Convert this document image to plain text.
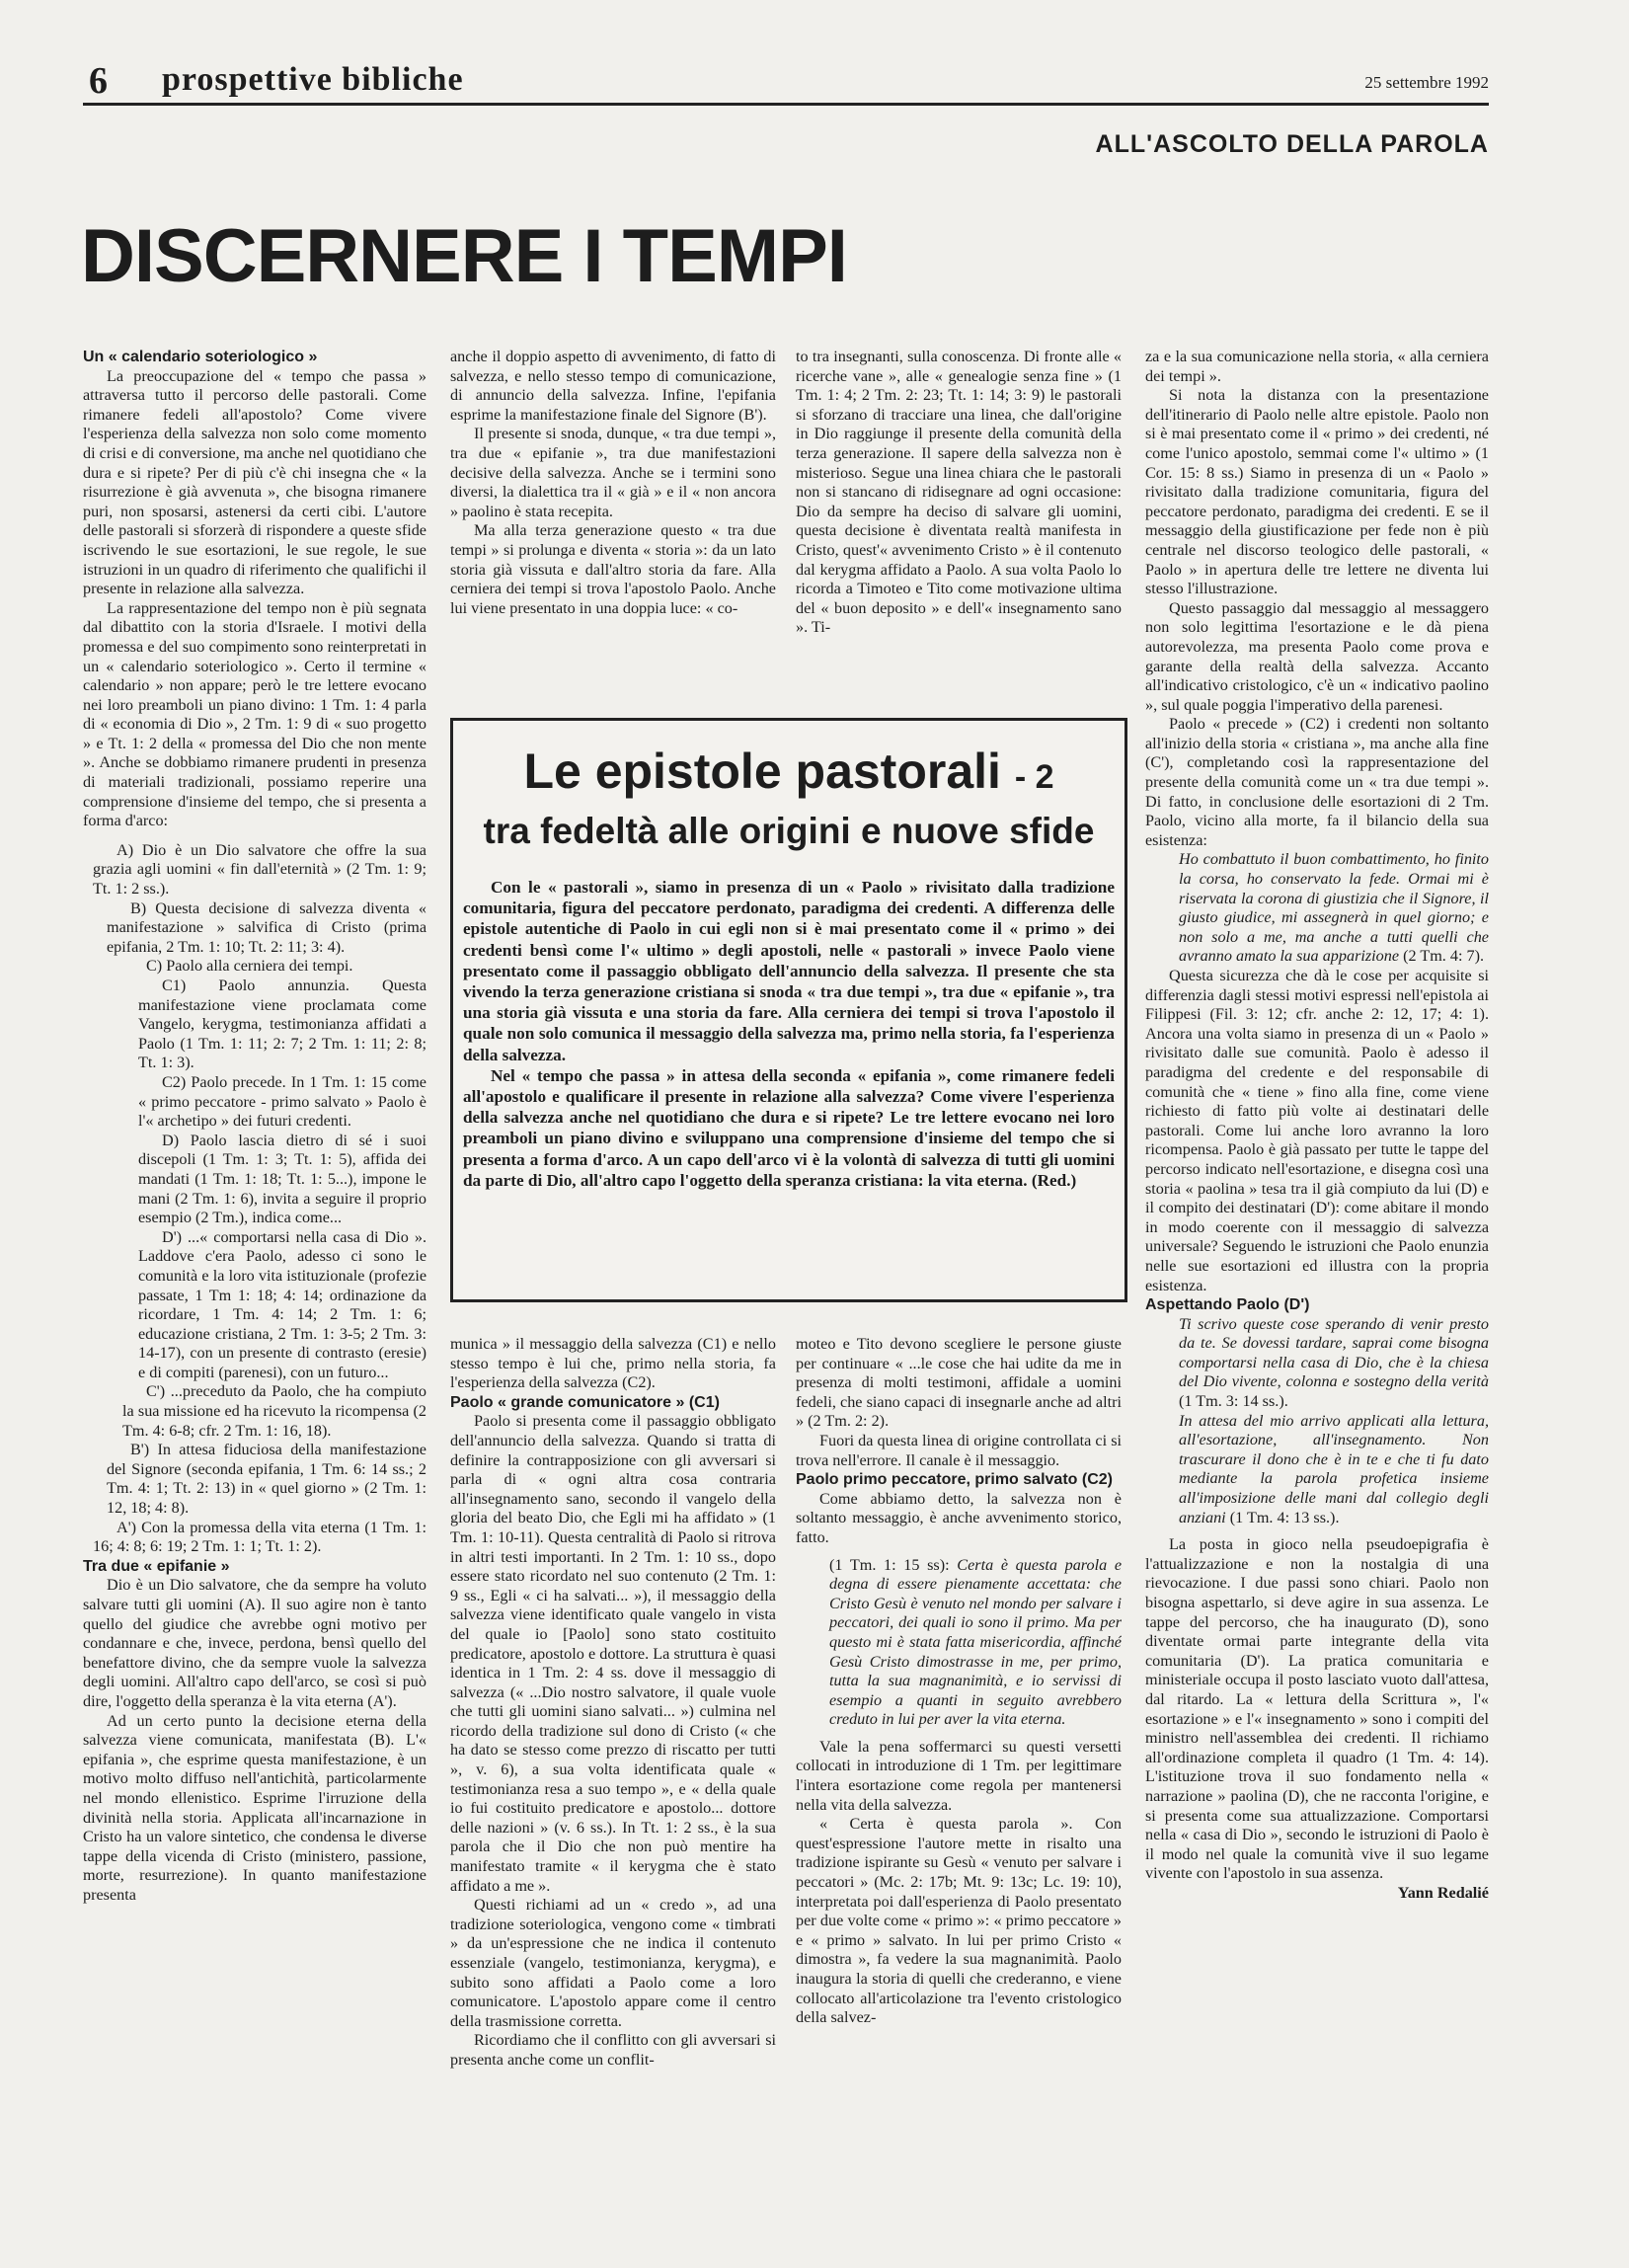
6 prospettive bibliche	25 settembre 1992
ALL'ASCOLTO DELLA PAROLA
DISCERNERE I TEMPI

Un « calendario soteriologico »

La preoccupazione del « tempo che passa » attraversa tutto il percorso delle pastorali. Come rimanere fedeli all'apostolo? Come vivere l'esperienza della salvezza non solo come momento di crisi e di conversione, ma anche nel quotidiano che dura e si ripete? Per di più c'è chi insegna che « la risurrezione è già avvenuta », che bisogna rimanere puri, non sposarsi, astenersi da certi cibi. L'autore delle pastorali si sforzerà di rispondere a queste sfide iscrivendo le sue esortazioni, le sue regole, le sue istruzioni in un quadro di riferimento che qualifichi il presente in relazione alla salvezza.

La rappresentazione del tempo non è più segnata dal dibattito con la storia d'Israele. I motivi della promessa e del suo compimento sono reinterpretati in un « calendario soteriologico ». Certo il termine « calendario » non appare; però le tre lettere evocano nei loro preamboli un piano divino: 1 Tm. 1: 4 parla di « economia di Dio », 2 Tm. 1: 9 di « suo progetto » e Tt. 1: 2 della « promessa del Dio che non mente ». Anche se dobbiamo rimanere prudenti in presenza di materiali tradizionali, possiamo reperire una comprensione d'insieme del tempo, che si presenta a forma d'arco:

A) Dio è un Dio salvatore che offre la sua grazia agli uomini « fin dall'eternità » (2 Tm. 1: 9; Tt. 1: 2 ss.).

B) Questa decisione di salvezza diventa « manifestazione » salvifica di Cristo (prima epifania, 2 Tm. 1: 10; Tt. 2: 11; 3: 4).

C) Paolo alla cerniera dei tempi.

C1) Paolo annunzia. Questa manifestazione viene proclamata come Vangelo, kerygma, testimonianza affidati a Paolo (1 Tm. 1: 11; 2: 7; 2 Tm. 1: 11; 2: 8; Tt. 1: 3).

C2) Paolo precede. In 1 Tm. 1: 15 come « primo peccatore - primo salvato » Paolo è l'« archetipo » dei futuri credenti.

D) Paolo lascia dietro di sé i suoi discepoli (1 Tm. 1: 3; Tt. 1: 5), affida dei mandati (1 Tm. 1: 18; Tt. 1: 5...), impone le mani (2 Tm. 1: 6), invita a seguire il proprio esempio (2 Tm.), indica come...

D') ...« comportarsi nella casa di Dio ». Laddove c'era Paolo, adesso ci sono le comunità e la loro vita istituzionale (profezie passate, 1 Tm 1: 18; 4: 14; ordinazione da ricordare, 1 Tm. 4: 14; 2 Tm. 1: 6; educazione cristiana, 2 Tm. 1: 3-5; 2 Tm. 3: 14-17), con un presente di contrasto (eresie) e di compiti (parenesi), con un futuro...

C') ...preceduto da Paolo, che ha compiuto la sua missione ed ha ricevuto la ricompensa (2 Tm. 4: 6-8; cfr. 2 Tm. 1: 16, 18).

B') In attesa fiduciosa della manifestazione del Signore (seconda epifania, 1 Tm. 6: 14 ss.; 2 Tm. 4: 1; Tt. 2: 13) in « quel giorno » (2 Tm. 1: 12, 18; 4: 8).

A') Con la promessa della vita eterna (1 Tm. 1: 16; 4: 8; 6: 19; 2 Tm. 1: 1; Tt. 1: 2).

Tra due « epifanie »

Dio è un Dio salvatore, che da sempre ha voluto salvare tutti gli uomini (A). Il suo agire non è tanto quello del giudice che avrebbe ogni motivo per condannare e che, invece, perdona, bensì quello del benefattore divino, che da sempre vuole la salvezza degli uomini. All'altro capo dell'arco, se così si può dire, l'oggetto della speranza è la vita eterna (A').

Ad un certo punto la decisione eterna della salvezza viene comunicata, manifestata (B). L'« epifania », che esprime questa manifestazione, è un motivo molto diffuso nell'antichità, particolarmente nel mondo ellenistico. Esprime l'irruzione della divinità nella storia. Applicata all'incarnazione in Cristo ha un valore sintetico, che condensa le diverse tappe della vicenda di Cristo (ministero, passione, morte, resurrezione). In quanto manifestazione presenta

anche il doppio aspetto di avvenimento, di fatto di salvezza, e nello stesso tempo di comunicazione, di annuncio della salvezza. Infine, l'epifania esprime la manifestazione finale del Signore (B').

Il presente si snoda, dunque, « tra due tempi », tra due « epifanie », tra due manifestazioni decisive della salvezza. Anche se i termini sono diversi, la dialettica tra il « già » e il « non ancora » paolino è stata recepita.

Ma alla terza generazione questo « tra due tempi » si prolunga e diventa « storia »: da un lato storia già vissuta e dall'altro storia da fare. Alla cerniera dei tempi si trova l'apostolo Paolo. Anche lui viene presentato in una doppia luce: « co-

to tra insegnanti, sulla conoscenza. Di fronte alle « ricerche vane », alle « genealogie senza fine » (1 Tm. 1: 4; 2 Tm. 2: 23; Tt. 1: 14; 3: 9) le pastorali si sforzano di tracciare una linea, che dall'origine in Dio raggiunge il presente della comunità della terza generazione. Il sapere della salvezza non è misterioso. Segue una linea chiara che le pastorali non si stancano di ridisegnare ad ogni occasione: Dio da sempre ha deciso di salvare gli uomini, questa decisione è diventata realtà manifesta in Cristo, quest'« avvenimento Cristo » è il contenuto dal kerygma affidato a Paolo. A sua volta Paolo lo ricorda a Timoteo e Tito come motivazione ultima del « buon deposito » e dell'« insegnamento sano ». Ti-

Le epistole pastorali - 2
tra fedeltà alle origini e nuove sfide

Con le « pastorali », siamo in presenza di un « Paolo » rivisitato dalla tradizione comunitaria, figura del peccatore perdonato, paradigma dei credenti. A differenza delle epistole autentiche di Paolo in cui egli non si è mai presentato come il « primo » dei credenti bensì come l'« ultimo » degli apostoli, nelle « pastorali » invece Paolo viene presentato come il passaggio obbligato dell'annuncio della salvezza. Il presente che sta vivendo la terza generazione cristiana si snoda « tra due tempi », tra due « epifanie », tra una storia già vissuta e una storia da fare. Alla cerniera dei tempi si trova l'apostolo il quale non solo comunica il messaggio della salvezza ma, primo nella storia, fa l'esperienza della salvezza.

Nel « tempo che passa » in attesa della seconda « epifania », come rimanere fedeli all'apostolo e qualificare il presente in relazione alla salvezza? Come vivere l'esperienza della salvezza anche nel quotidiano che dura e si ripete? Le tre lettere evocano nei loro preamboli un piano divino e sviluppano una comprensione d'insieme del tempo che si presenta a forma d'arco. A un capo dell'arco vi è la volontà di salvezza di tutti gli uomini da parte di Dio, all'altro capo l'oggetto della speranza cristiana: la vita eterna. (Red.)

munica » il messaggio della salvezza (C1) e nello stesso tempo è lui che, primo nella storia, fa l'esperienza della salvezza (C2).

Paolo « grande comunicatore » (C1)

Paolo si presenta come il passaggio obbligato dell'annuncio della salvezza. Quando si tratta di definire la contrapposizione con gli avversari si parla di « ogni altra cosa contraria all'insegnamento sano, secondo il vangelo della gloria del beato Dio, che Egli mi ha affidato » (1 Tm. 1: 10-11). Questa centralità di Paolo si ritrova in altri testi importanti. In 2 Tm. 1: 10 ss., dopo essere stato ricordato nel suo contenuto (2 Tm. 1: 9 ss., Egli « ci ha salvati... »), il messaggio della salvezza viene identificato quale vangelo in vista del quale io [Paolo] sono stato costituito predicatore, apostolo e dottore. La struttura è quasi identica in 1 Tm. 2: 4 ss. dove il messaggio di salvezza (« ...Dio nostro salvatore, il quale vuole che tutti gli uomini siano salvati... ») culmina nel ricordo della tradizione sul dono di Cristo (« che ha dato se stesso come prezzo di riscatto per tutti », v. 6), a sua volta identificata quale « testimonianza resa a suo tempo », e « della quale io fui costituito predicatore e apostolo... dottore delle nazioni » (v. 6 ss.). In Tt. 1: 2 ss., è la sua parola che il Dio che non può mentire ha manifestato tramite « il kerygma che è stato affidato a me ».

Questi richiami ad un « credo », ad una tradizione soteriologica, vengono come « timbrati » da un'espressione che ne indica il contenuto essenziale (vangelo, testimonianza, kerygma), e subito sono affidati a Paolo come a loro comunicatore. L'apostolo appare come il centro della trasmissione corretta.

Ricordiamo che il conflitto con gli avversari si presenta anche come un conflit-

moteo e Tito devono scegliere le persone giuste per continuare « ...le cose che hai udite da me in presenza di molti testimoni, affidale a uomini fedeli, che siano capaci di insegnarle anche ad altri » (2 Tm. 2: 2).

Fuori da questa linea di origine controllata ci si trova nell'errore. Il canale è il messaggio.

Paolo primo peccatore, primo salvato (C2)

Come abbiamo detto, la salvezza non è soltanto messaggio, è anche avvenimento storico, fatto.

(1 Tm. 1: 15 ss): Certa è questa parola e degna di essere pienamente accettata: che Cristo Gesù è venuto nel mondo per salvare i peccatori, dei quali io sono il primo. Ma per questo mi è stata fatta misericordia, affinché Gesù Cristo dimostrasse in me, per primo, tutta la sua magnanimità, e io servissi di esempio a quanti in seguito avrebbero creduto in lui per aver la vita eterna.

Vale la pena soffermarci su questi versetti collocati in introduzione di 1 Tm. per legittimare l'intera esortazione come regola per mantenersi nella vita della salvezza.

« Certa è questa parola ». Con quest'espressione l'autore mette in risalto una tradizione ispirante su Gesù « venuto per salvare i peccatori » (Mc. 2: 17b; Mt. 9: 13c; Lc. 19: 10), interpretata poi dall'esperienza di Paolo presentato per due volte come « primo »: « primo peccatore » e « primo » salvato. In lui per primo Cristo « dimostra », fa vedere la sua magnanimità. Paolo inaugura la storia di quelli che crederanno, e viene collocato all'articolazione tra l'evento cristologico della salvez-

za e la sua comunicazione nella storia, « alla cerniera dei tempi ».

Si nota la distanza con la presentazione dell'itinerario di Paolo nelle altre epistole. Paolo non si è mai presentato come il « primo » dei credenti, né come l'unico apostolo, semmai come l'« ultimo » (1 Cor. 15: 8 ss.) Siamo in presenza di un « Paolo » rivisitato dalla tradizione comunitaria, figura del peccatore perdonato, paradigma dei credenti. E se il messaggio della giustificazione per fede non è più centrale nel discorso teologico delle pastorali, « Paolo » in apertura delle tre lettere ne diventa lui stesso l'illustrazione.

Questo passaggio dal messaggio al messaggero non solo legittima l'esortazione e le dà piena autorevolezza, ma presenta Paolo come prova e garante della realtà della salvezza. Accanto all'indicativo cristologico, c'è un « indicativo paolino », sul quale poggia l'imperativo della parenesi.

Paolo « precede » (C2) i credenti non soltanto all'inizio della storia « cristiana », ma anche alla fine (C'), completando così la rappresentazione del presente della comunità come un « tra due tempi ». Di fatto, in conclusione delle esortazioni di 2 Tm. Paolo, vicino alla morte, fa il bilancio della sua esistenza:

Ho combattuto il buon combattimento, ho finito la corsa, ho conservato la fede. Ormai mi è riservata la corona di giustizia che il Signore, il giusto giudice, mi assegnerà in quel giorno; e non solo a me, ma anche a tutti quelli che avranno amato la sua apparizione (2 Tm. 4: 7).

Questa sicurezza che dà le cose per acquisite si differenzia dagli stessi motivi espressi nell'epistola ai Filippesi (Fil. 3: 12; cfr. anche 2: 12, 17; 4: 1). Ancora una volta siamo in presenza di un « Paolo » rivisitato dalle sue comunità. Paolo è adesso il paradigma del credente e del responsabile di comunità che « tiene » fino alla fine, come viene richiesto di fatto più volte ai destinatari delle pastorali. Come lui anche loro avranno la loro ricompensa. Paolo è già passato per tutte le tappe del percorso indicato nell'esortazione, e disegna così una storia « paolina » tesa tra il già compiuto da lui (D) e il compito dei destinatari (D'): come abitare il mondo in modo coerente con il messaggio di salvezza universale? Seguendo le istruzioni che Paolo enunzia nelle sue esortazioni ed illustra con la propria esistenza.

Aspettando Paolo (D')

Ti scrivo queste cose sperando di venir presto da te. Se dovessi tardare, saprai come bisogna comportarsi nella casa di Dio, che è la chiesa del Dio vivente, colonna e sostegno della verità (1 Tm. 3: 14 ss.).

In attesa del mio arrivo applicati alla lettura, all'esortazione, all'insegnamento. Non trascurare il dono che è in te e che ti fu dato mediante la parola profetica insieme all'imposizione delle mani dal collegio degli anziani (1 Tm. 4: 13 ss.).

La posta in gioco nella pseudoepigrafia è l'attualizzazione e non la nostalgia di una rievocazione. I due passi sono chiari. Paolo non bisogna aspettarlo, si deve agire in sua assenza. Le tappe del percorso, che ha inaugurato (D), sono diventate ormai parte integrante della vita comunitaria (D'). La pratica comunitaria e ministeriale occupa il posto lasciato vuoto dall'attesa, dal ritardo. La « lettura della Scrittura », l'« esortazione » e l'« insegnamento » sono i compiti del ministro nell'assemblea dei credenti. Il richiamo all'ordinazione completa il quadro (1 Tm. 4: 14). L'istituzione trova il suo fondamento nella « narrazione » paolina (D), che ne racconta l'origine, e si presenta come sua attualizzazione. Comportarsi nella « casa di Dio », secondo le istruzioni di Paolo è il modo nel quale la comunità vive il suo legame vivente con l'apostolo in sua assenza.

Yann Redalié
